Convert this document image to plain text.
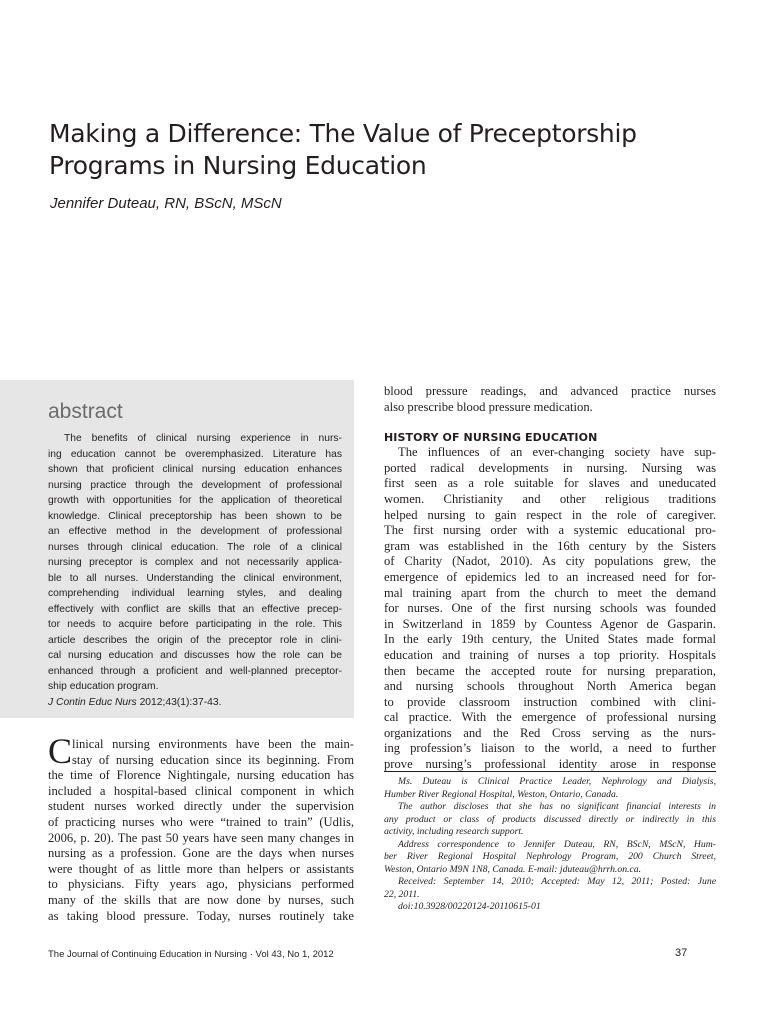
Making a Difference: The Value of Preceptorship
Programs in Nursing Education
Jennifer Duteau, RN, BScN, MScN
abstract
The benefits of clinical nursing experience in nurs-
ing education cannot be overemphasized. Literature has
shown that proficient clinical nursing education enhances
nursing practice through the development of professional
growth with opportunities for the application of theoretical
knowledge. Clinical preceptorship has been shown to be
an effective method in the development of professional
nurses through clinical education. The role of a clinical
nursing preceptor is complex and not necessarily applica-
ble to all nurses. Understanding the clinical environment,
comprehending individual learning styles, and dealing
effectively with conflict are skills that an effective precep-
tor needs to acquire before participating in the role. This
article describes the origin of the preceptor role in clini-
cal nursing education and discusses how the role can be
enhanced through a proficient and well-planned preceptor-
ship education program.
J Contin Educ Nurs 2012;43(1):37-43.
C linical nursing environments have been the main-
stay of nursing education since its beginning. From
the time of Florence Nightingale, nursing education has
included a hospital-based clinical component in which
student nurses worked directly under the supervision
of practicing nurses who were “trained to train” (Udlis,
2006, p. 20). The past 50 years have seen many changes in
nursing as a profession. Gone are the days when nurses
were thought of as little more than helpers or assistants
to physicians. Fifty years ago, physicians performed
many of the skills that are now done by nurses, such
as taking blood pressure. Today, nurses routinely take
blood pressure readings, and advanced practice nurses
also prescribe blood pressure medication.
HISTORY OF NURSING EDUCATION
The influences of an ever-changing society have sup-
ported radical developments in nursing. Nursing was
first seen as a role suitable for slaves and uneducated
women. Christianity and other religious traditions
helped nursing to gain respect in the role of caregiver.
The first nursing order with a systemic educational pro-
gram was established in the 16th century by the Sisters
of Charity (Nadot, 2010). As city populations grew, the
emergence of epidemics led to an increased need for for-
mal training apart from the church to meet the demand
for nurses. One of the first nursing schools was founded
in Switzerland in 1859 by Countess Agenor de Gasparin.
In the early 19th century, the United States made formal
education and training of nurses a top priority. Hospitals
then became the accepted route for nursing preparation,
and nursing schools throughout North America began
to provide classroom instruction combined with clini-
cal practice. With the emergence of professional nursing
organizations and the Red Cross serving as the nurs-
ing profession’s liaison to the world, a need to further
prove nursing’s professional identity arose in response
Ms. Duteau is Clinical Practice Leader, Nephrology and Dialysis,
Humber River Regional Hospital, Weston, Ontario, Canada.
The author discloses that she has no significant financial interests in
any product or class of products discussed directly or indirectly in this
activity, including research support.
Address correspondence to Jennifer Duteau, RN, BScN, MScN, Hum-
ber River Regional Hospital Nephrology Program, 200 Church Street,
Weston, Ontario M9N 1N8, Canada. E-mail: jduteau@hrrh.on.ca.
Received: September 14, 2010; Accepted: May 12, 2011; Posted: June
22, 2011.
doi:10.3928/00220124-20110615-01
The Journal of Continuing Education in Nursing · Vol 43, No 1, 2012	37
